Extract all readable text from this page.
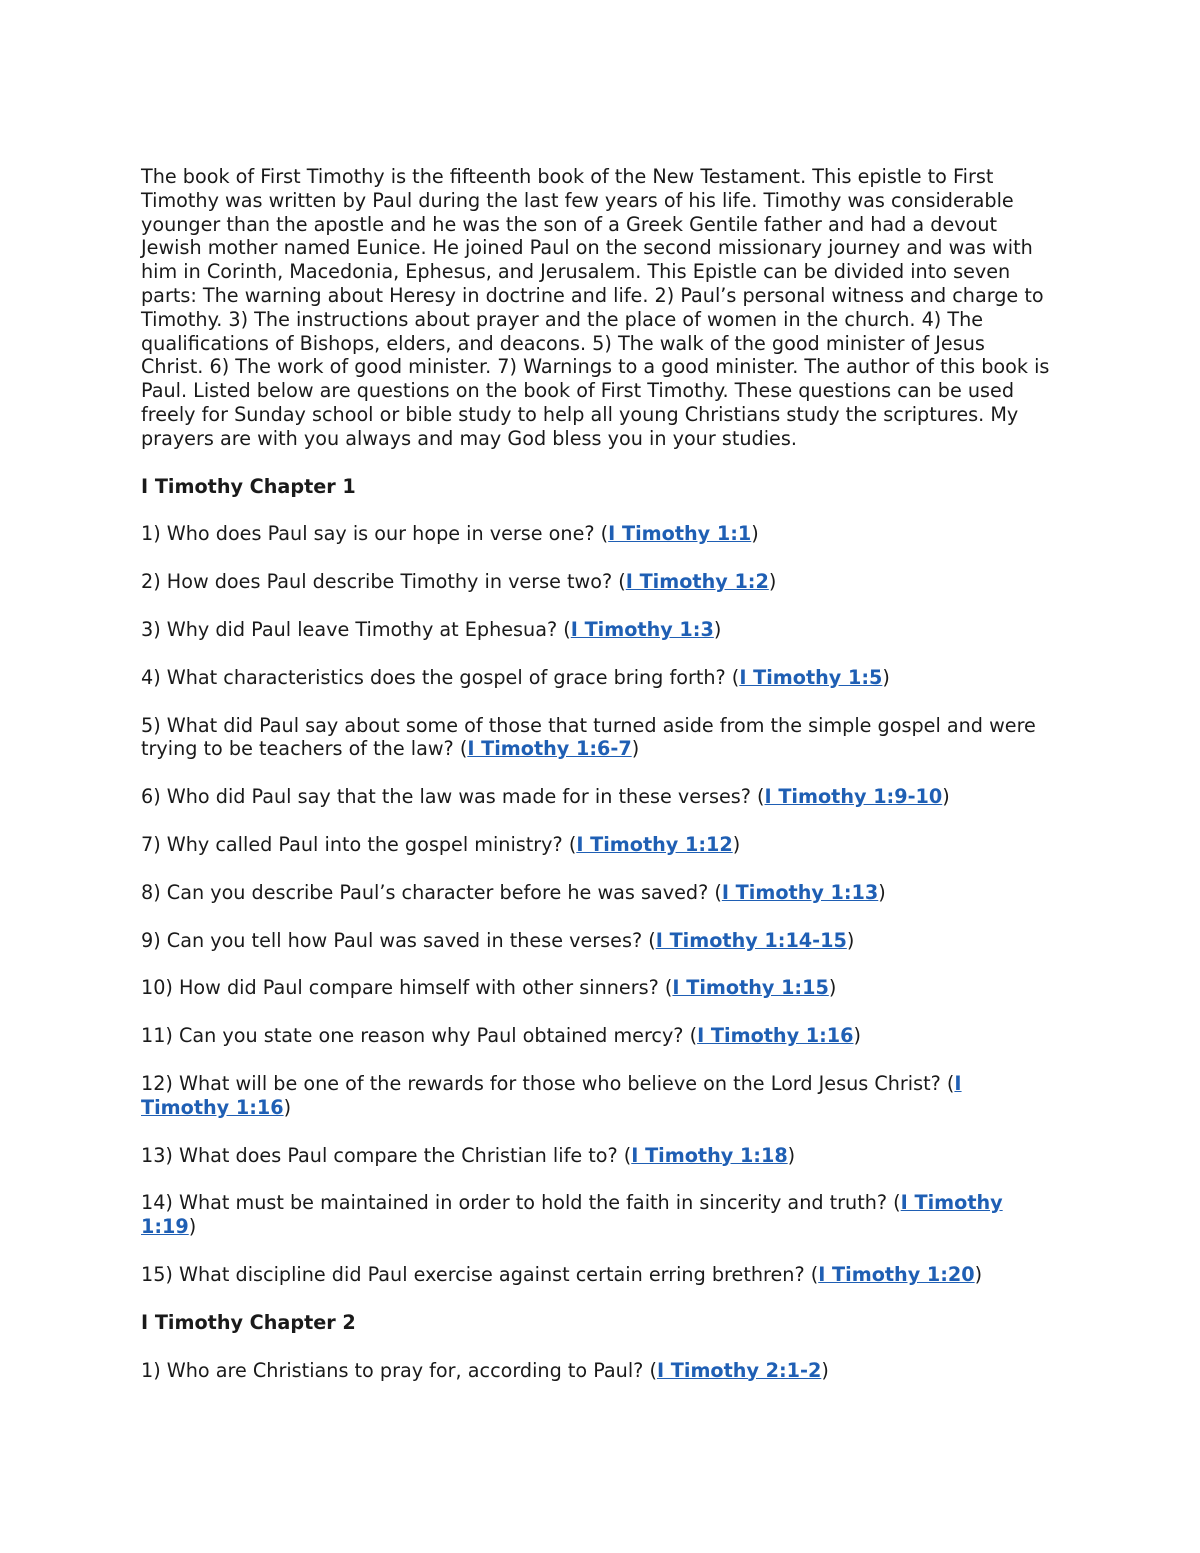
The book of First Timothy is the fifteenth book of the New Testament. This epistle to First Timothy was written by Paul during the last few years of his life. Timothy was considerable younger than the apostle and he was the son of a Greek Gentile father and had a devout Jewish mother named Eunice. He joined Paul on the second missionary journey and was with him in Corinth, Macedonia, Ephesus, and Jerusalem. This Epistle can be divided into seven parts: The warning about Heresy in doctrine and life. 2) Paul’s personal witness and charge to Timothy. 3) The instructions about prayer and the place of women in the church. 4) The qualifications of Bishops, elders, and deacons. 5) The walk of the good minister of Jesus Christ. 6) The work of good minister. 7) Warnings to a good minister. The author of this book is Paul. Listed below are questions on the book of First Timothy. These questions can be used freely for Sunday school or bible study to help all young Christians study the scriptures. My prayers are with you always and may God bless you in your studies.

I Timothy Chapter 1

1) Who does Paul say is our hope in verse one? (I Timothy 1:1)

2) How does Paul describe Timothy in verse two? (I Timothy 1:2)

3) Why did Paul leave Timothy at Ephesua? (I Timothy 1:3)

4) What characteristics does the gospel of grace bring forth? (I Timothy 1:5)

5) What did Paul say about some of those that turned aside from the simple gospel and were trying to be teachers of the law? (I Timothy 1:6-7)

6) Who did Paul say that the law was made for in these verses? (I Timothy 1:9-10)

7) Why called Paul into the gospel ministry? (I Timothy 1:12)

8) Can you describe Paul’s character before he was saved? (I Timothy 1:13)

9) Can you tell how Paul was saved in these verses? (I Timothy 1:14-15)

10) How did Paul compare himself with other sinners? (I Timothy 1:15)

11) Can you state one reason why Paul obtained mercy? (I Timothy 1:16)

12) What will be one of the rewards for those who believe on the Lord Jesus Christ? (I Timothy 1:16)

13) What does Paul compare the Christian life to? (I Timothy 1:18)

14) What must be maintained in order to hold the faith in sincerity and truth? (I Timothy 1:19)

15) What discipline did Paul exercise against certain erring brethren? (I Timothy 1:20)

I Timothy Chapter 2

1) Who are Christians to pray for, according to Paul? (I Timothy 2:1-2)
